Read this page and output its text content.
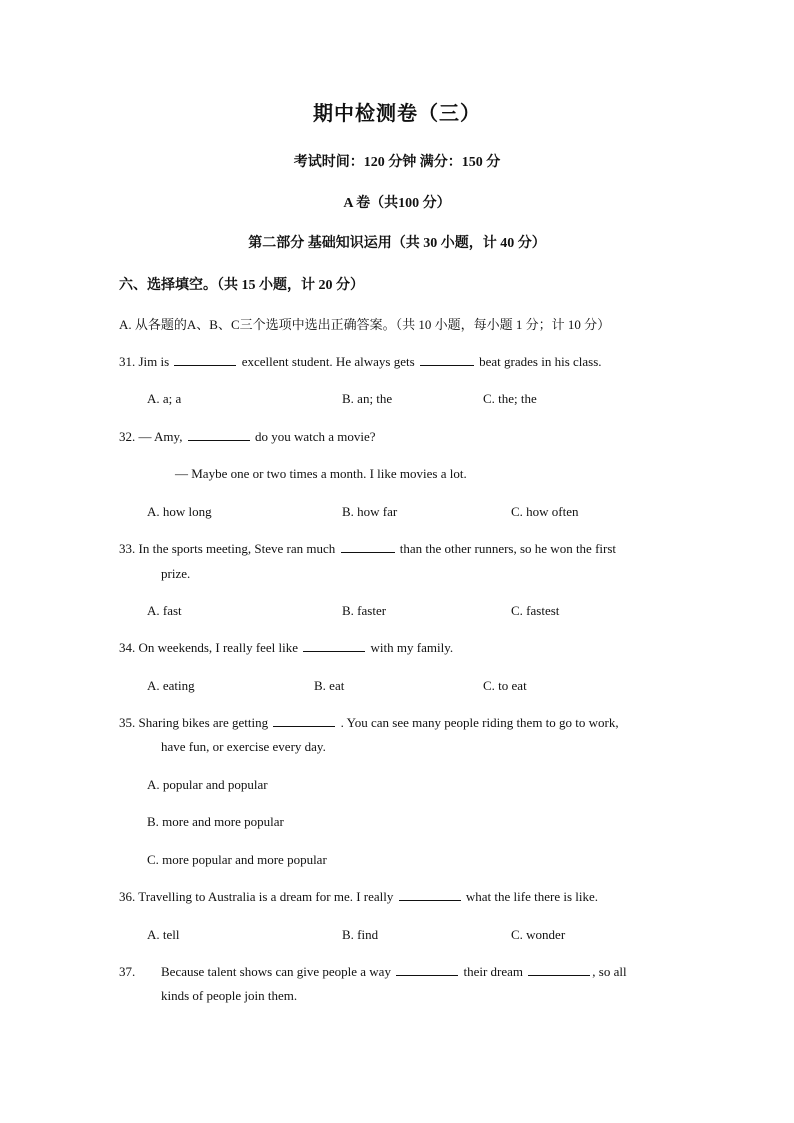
期中检测卷（三）
考试时间：120 分钟 满分：150 分
A 卷（共100 分）
第二部分 基础知识运用（共 30 小题，计 40 分）
六、选择填空。（共 15 小题，计 20 分）
A. 从各题的A、B、C三个选项中选出正确答案。（共 10 小题，每小题 1 分；计 10 分）
31. Jim is	excellent student. He always gets	beat grades in his class.
A. a; a	B. an; the	C. the; the
32. — Amy,	do you watch a movie?
— Maybe one or two times a month. I like movies a lot.
A. how long	B. how far	C. how often
33. In the sports meeting, Steve ran much	than the other runners, so he won the first
prize.
A. fast	B. faster	C. fastest
34. On weekends, I really feel like	with my family.
A. eating	B. eat	C. to eat
35. Sharing bikes are getting	. You can see many people riding them to go to work,
have fun, or exercise every day.
A. popular and popular
B. more and more popular
C. more popular and more popular
36. Travelling to Australia is a dream for me. I really	what the life there is like.
A. tell	B. find	C. wonder
37. Because talent shows can give people a way	their dream	, so all
kinds of people join them.
